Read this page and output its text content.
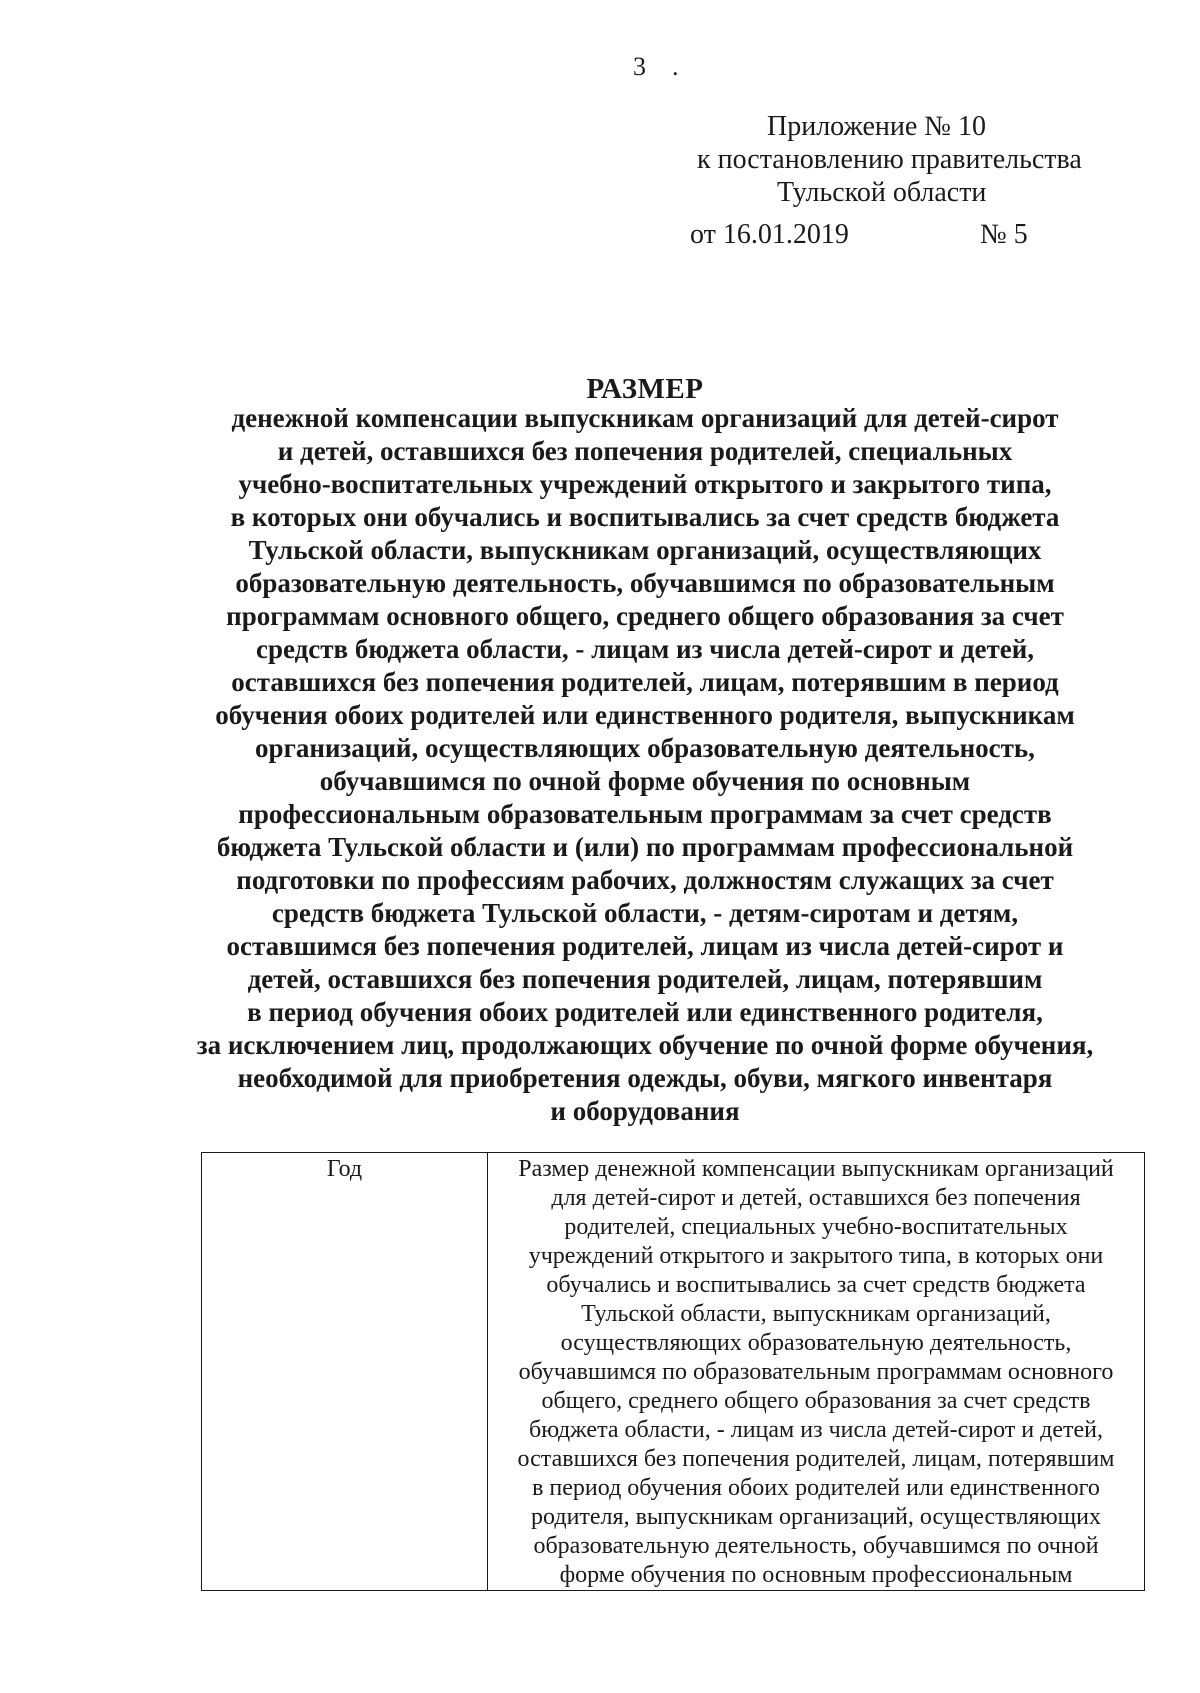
3 .
Приложение № 10
к постановлению правительства
Тульской области
от 16.01.2019	№ 5
РАЗМЕР
денежной компенсации выпускникам организаций для детей-сирот
и детей, оставшихся без попечения родителей, специальных
учебно-воспитательных учреждений открытого и закрытого типа,
в которых они обучались и воспитывались за счет средств бюджета
Тульской области, выпускникам организаций, осуществляющих
образовательную деятельность, обучавшимся по образовательным
программам основного общего, среднего общего образования за счет
средств бюджета области, - лицам из числа детей-сирот и детей,
оставшихся без попечения родителей, лицам, потерявшим в период
обучения обоих родителей или единственного родителя, выпускникам
организаций, осуществляющих образовательную деятельность,
обучавшимся по очной форме обучения по основным
профессиональным образовательным программам за счет средств
бюджета Тульской области и (или) по программам профессиональной
подготовки по профессиям рабочих, должностям служащих за счет
средств бюджета Тульской области, - детям-сиротам и детям,
оставшимся без попечения родителей, лицам из числа детей-сирот и
детей, оставшихся без попечения родителей, лицам, потерявшим
в период обучения обоих родителей или единственного родителя,
за исключением лиц, продолжающих обучение по очной форме обучения,
необходимой для приобретения одежды, обуви, мягкого инвентаря
и оборудования
Год	Размер денежной компенсации выпускникам организаций
для детей-сирот и детей, оставшихся без попечения
родителей, специальных учебно-воспитательных
учреждений открытого и закрытого типа, в которых они
обучались и воспитывались за счет средств бюджета
Тульской области, выпускникам организаций,
осуществляющих образовательную деятельность,
обучавшимся по образовательным программам основного
общего, среднего общего образования за счет средств
бюджета области, - лицам из числа детей-сирот и детей,
оставшихся без попечения родителей, лицам, потерявшим
в период обучения обоих родителей или единственного
родителя, выпускникам организаций, осуществляющих
образовательную деятельность, обучавшимся по очной
форме обучения по основным профессиональным
